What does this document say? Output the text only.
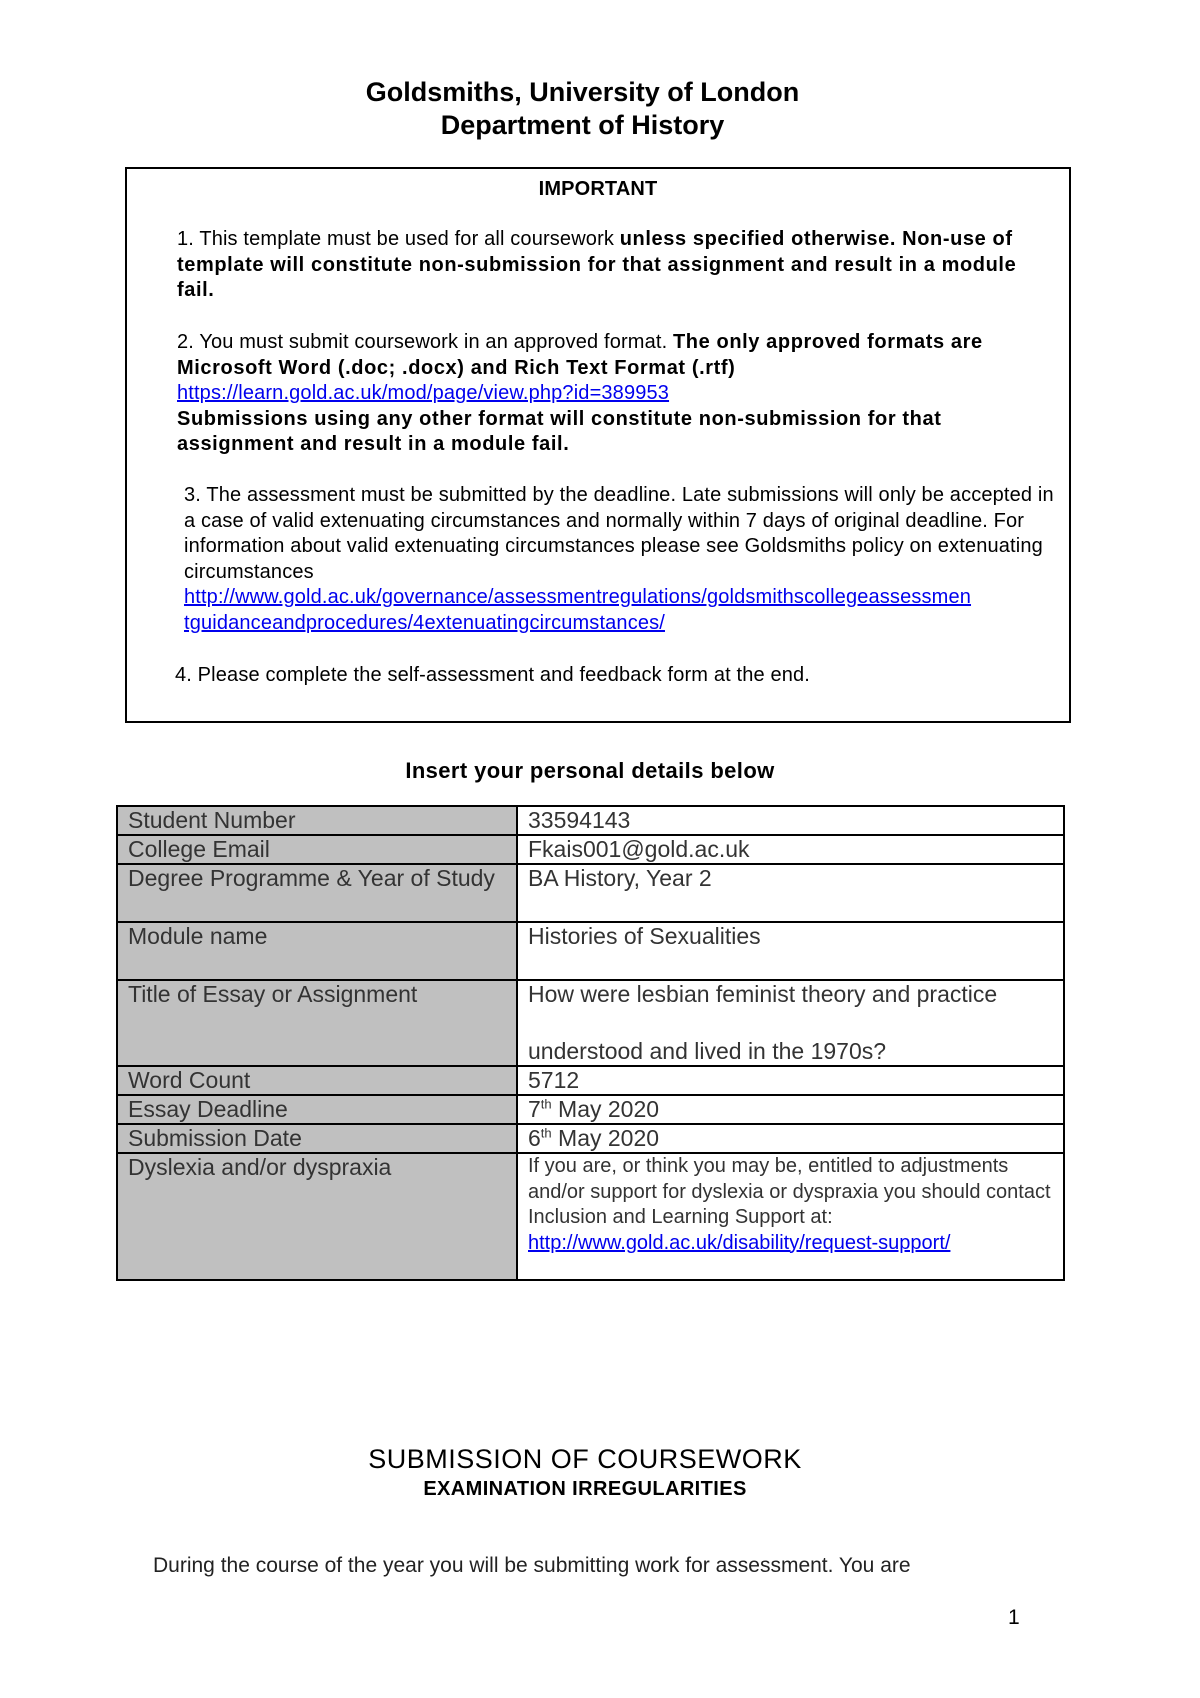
Goldsmiths, University of London
Department of History
IMPORTANT
1. This template must be used for all coursework unless specified otherwise. Non-use of template will constitute non-submission for that assignment and result in a module fail.
2. You must submit coursework in an approved format. The only approved formats are Microsoft Word (.doc; .docx) and Rich Text Format (.rtf)
https://learn.gold.ac.uk/mod/page/view.php?id=389953
Submissions using any other format will constitute non-submission for that assignment and result in a module fail.
3. The assessment must be submitted by the deadline. Late submissions will only be accepted in a case of valid extenuating circumstances and normally within 7 days of original deadline. For information about valid extenuating circumstances please see Goldsmiths policy on extenuating circumstances
http://www.gold.ac.uk/governance/assessmentregulations/goldsmithscollegeassessmen
tguidanceandprocedures/4extenuatingcircumstances/
4. Please complete the self-assessment and feedback form at the end.
Insert your personal details below
Student Number	33594143
College Email	Fkais001@gold.ac.uk
Degree Programme & Year of Study	BA History, Year 2
Module name	Histories of Sexualities
Title of Essay or Assignment	How were lesbian feminist theory and practice
understood and lived in the 1970s?

Word Count	5712
Essay Deadline	7th May 2020
Submission Date	6th May 2020
Dyslexia and/or dyspraxia	If you are, or think you may be, entitled to adjustments and/or support for dyslexia or dyspraxia you should contact Inclusion and Learning Support at:
http://www.gold.ac.uk/disability/request-support/
SUBMISSION OF COURSEWORK
EXAMINATION IRREGULARITIES
During the course of the year you will be submitting work for assessment. You are
1
